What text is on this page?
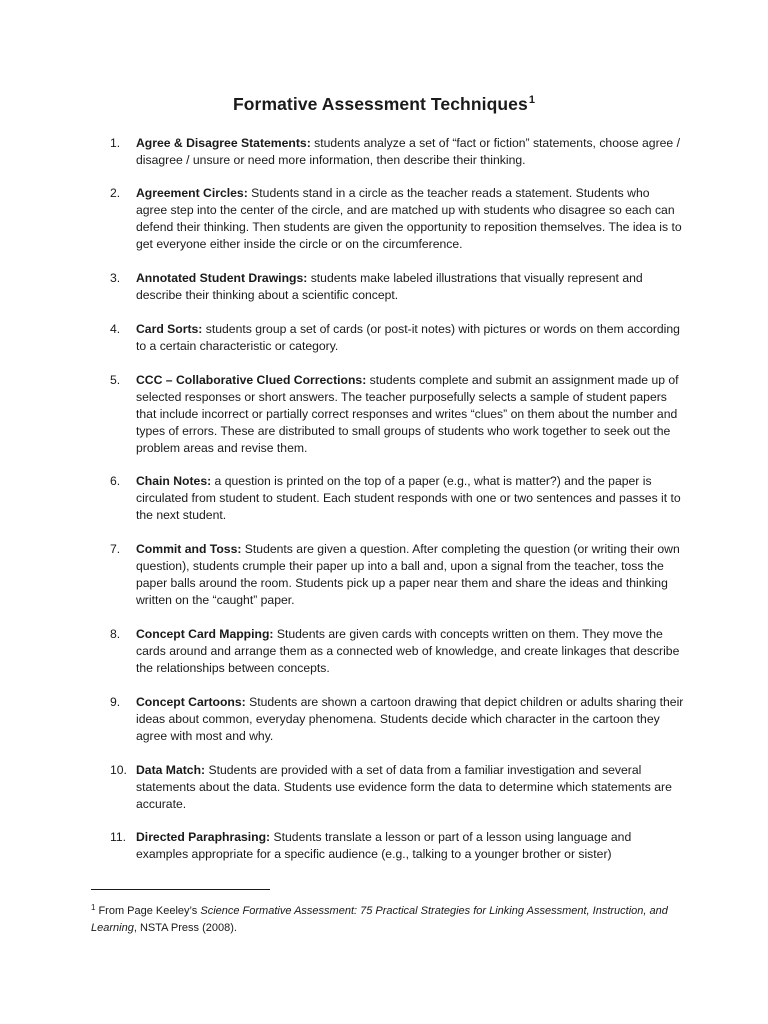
Formative Assessment Techniques$^1$
1. Agree & Disagree Statements: students analyze a set of “fact or fiction” statements, choose agree / disagree / unsure or need more information, then describe their thinking.
2. Agreement Circles: Students stand in a circle as the teacher reads a statement. Students who agree step into the center of the circle, and are matched up with students who disagree so each can defend their thinking. Then students are given the opportunity to reposition themselves. The idea is to get everyone either inside the circle or on the circumference.
3. Annotated Student Drawings: students make labeled illustrations that visually represent and describe their thinking about a scientific concept.
4. Card Sorts: students group a set of cards (or post-it notes) with pictures or words on them according to a certain characteristic or category.
5. CCC – Collaborative Clued Corrections: students complete and submit an assignment made up of selected responses or short answers. The teacher purposefully selects a sample of student papers that include incorrect or partially correct responses and writes “clues” on them about the number and types of errors. These are distributed to small groups of students who work together to seek out the problem areas and revise them.
6. Chain Notes: a question is printed on the top of a paper (e.g., what is matter?) and the paper is circulated from student to student. Each student responds with one or two sentences and passes it to the next student.
7. Commit and Toss: Students are given a question. After completing the question (or writing their own question), students crumple their paper up into a ball and, upon a signal from the teacher, toss the paper balls around the room. Students pick up a paper near them and share the ideas and thinking written on the “caught” paper.
8. Concept Card Mapping: Students are given cards with concepts written on them. They move the cards around and arrange them as a connected web of knowledge, and create linkages that describe the relationships between concepts.
9. Concept Cartoons: Students are shown a cartoon drawing that depict children or adults sharing their ideas about common, everyday phenomena. Students decide which character in the cartoon they agree with most and why.
10. Data Match: Students are provided with a set of data from a familiar investigation and several statements about the data. Students use evidence form the data to determine which statements are accurate.
11. Directed Paraphrasing: Students translate a lesson or part of a lesson using language and examples appropriate for a specific audience (e.g., talking to a younger brother or sister)
$^1$ From Page Keeley’s Science Formative Assessment: 75 Practical Strategies for Linking Assessment, Instruction, and Learning, NSTA Press (2008).
